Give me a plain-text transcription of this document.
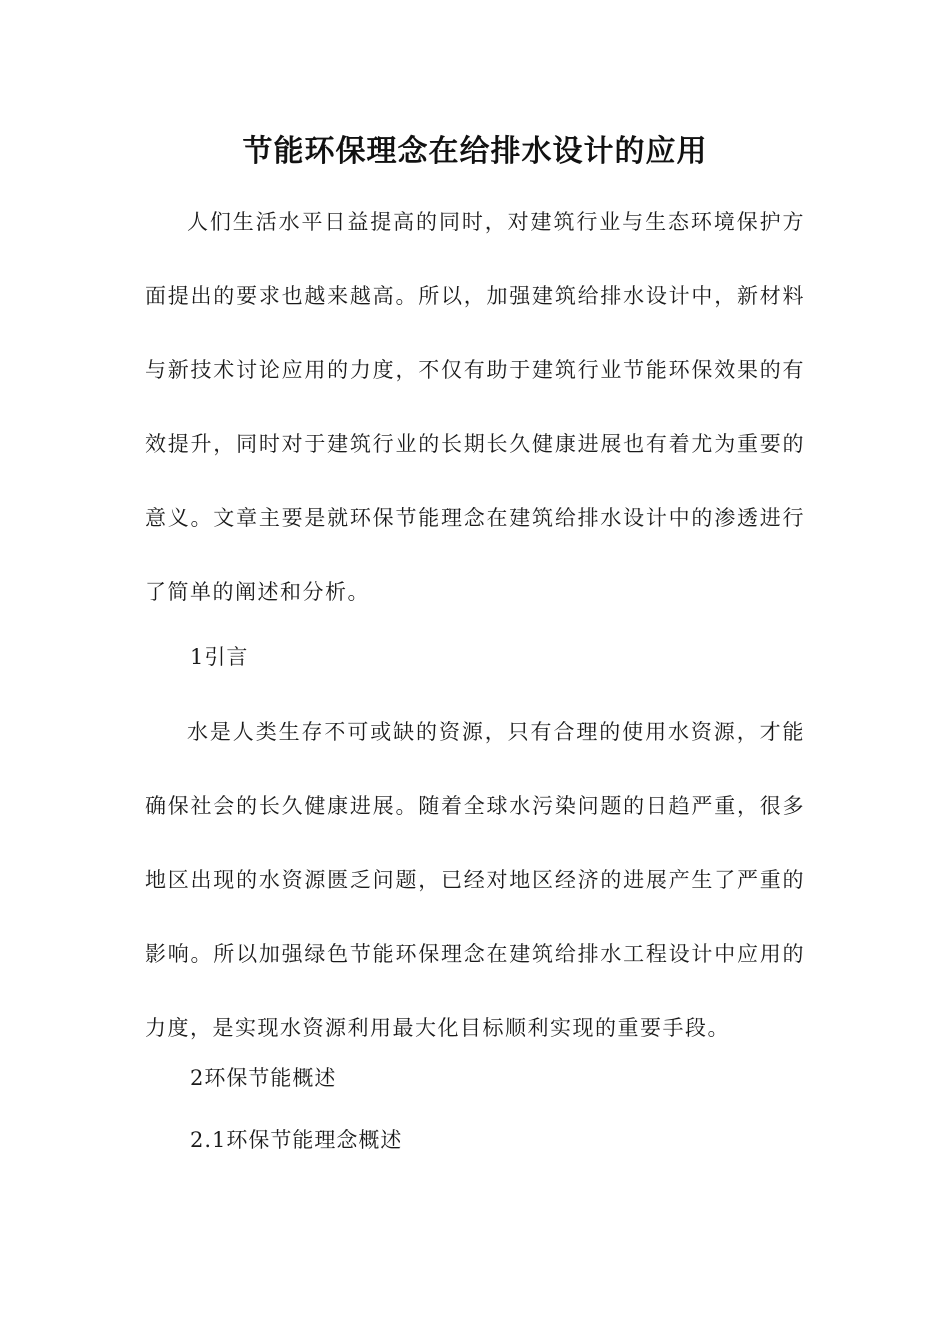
节能环保理念在给排水设计的应用

人们生活水平日益提高的同时，对建筑行业与生态环境保护方面提出的要求也越来越高。所以，加强建筑给排水设计中，新材料与新技术讨论应用的力度，不仅有助于建筑行业节能环保效果的有效提升，同时对于建筑行业的长期长久健康进展也有着尤为重要的意义。文章主要是就环保节能理念在建筑给排水设计中的渗透进行了简单的阐述和分析。

1引言

水是人类生存不可或缺的资源，只有合理的使用水资源，才能确保社会的长久健康进展。随着全球水污染问题的日趋严重，很多地区出现的水资源匮乏问题，已经对地区经济的进展产生了严重的影响。所以加强绿色节能环保理念在建筑给排水工程设计中应用的力度，是实现水资源利用最大化目标顺利实现的重要手段。

2环保节能概述
2.1环保节能理念概述
